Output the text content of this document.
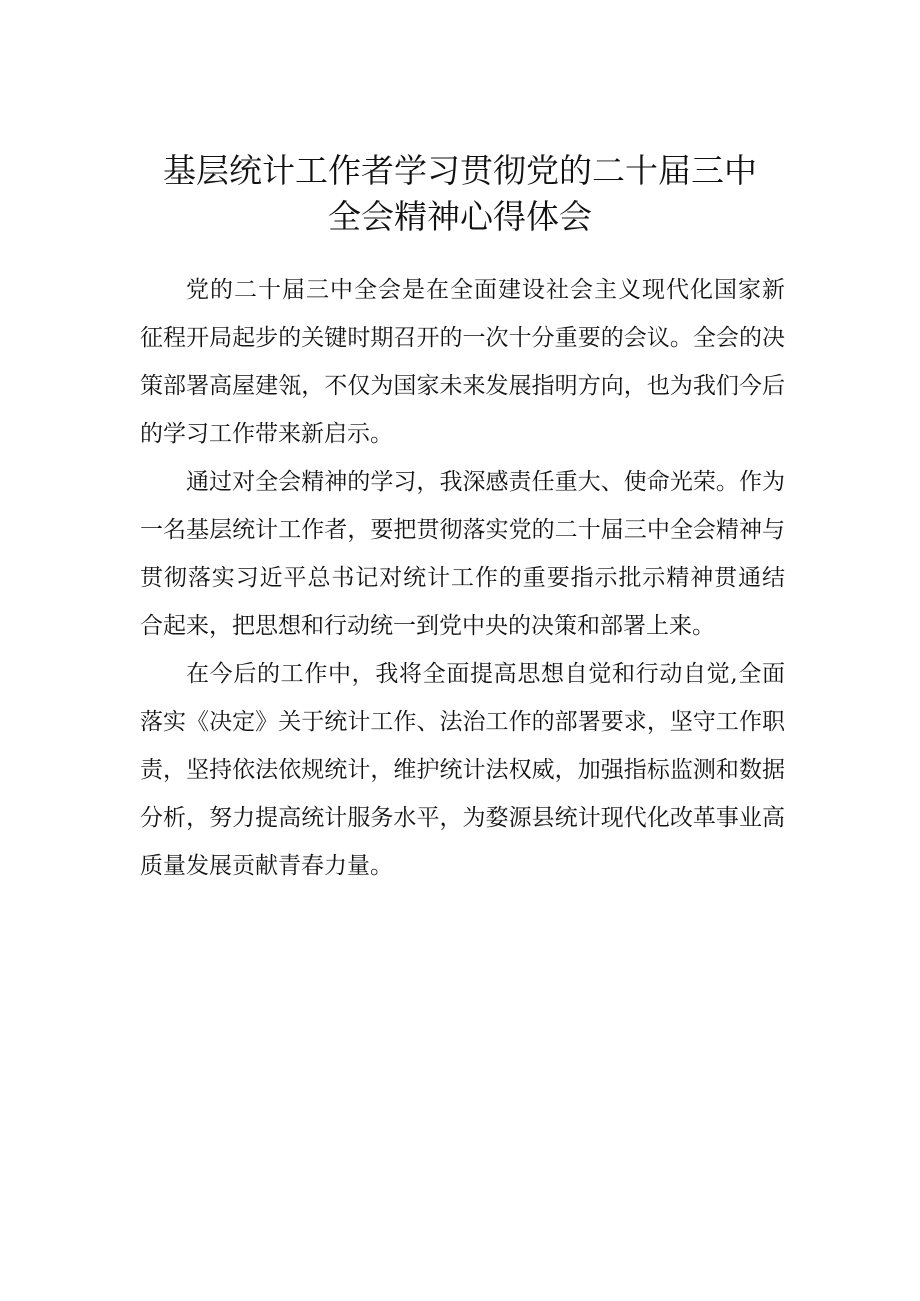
基层统计工作者学习贯彻党的二十届三中
全会精神心得体会
党的二十届三中全会是在全面建设社会主义现代化国家新
征程开局起步的关键时期召开的一次十分重要的会议。全会的决
策部署高屋建瓴，不仅为国家未来发展指明方向，也为我们今后
的学习工作带来新启示。
通过对全会精神的学习，我深感责任重大、使命光荣。作为
一名基层统计工作者，要把贯彻落实党的二十届三中全会精神与
贯彻落实习近平总书记对统计工作的重要指示批示精神贯通结
合起来，把思想和行动统一到党中央的决策和部署上来。
在今后的工作中，我将全面提高思想自觉和行动自觉,全面
落实《决定》关于统计工作、法治工作的部署要求，坚守工作职
责，坚持依法依规统计，维护统计法权威，加强指标监测和数据
分析，努力提高统计服务水平，为婺源县统计现代化改革事业高
质量发展贡献青春力量。
